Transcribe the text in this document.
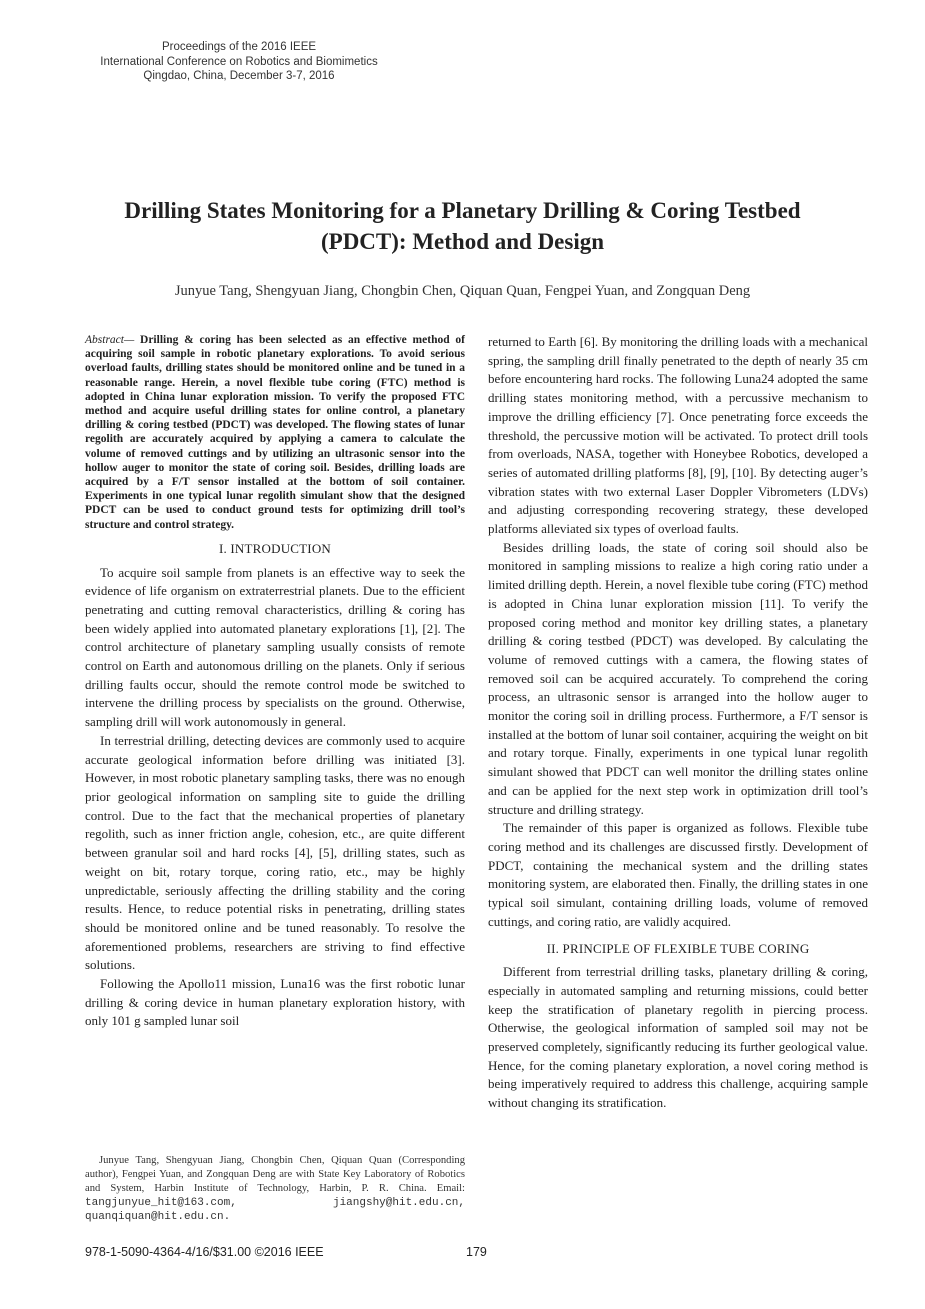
Proceedings of the 2016 IEEE
International Conference on Robotics and Biomimetics
Qingdao, China, December 3-7, 2016
Drilling States Monitoring for a Planetary Drilling & Coring Testbed
(PDCT): Method and Design
Junyue Tang, Shengyuan Jiang, Chongbin Chen, Qiquan Quan, Fengpei Yuan, and Zongquan Deng

Abstract— Drilling & coring has been selected as an effective method of acquiring soil sample in robotic planetary explorations. To avoid serious overload faults, drilling states should be monitored online and be tuned in a reasonable range. Herein, a novel flexible tube coring (FTC) method is adopted in China lunar exploration mission. To verify the proposed FTC method and acquire useful drilling states for online control, a planetary drilling & coring testbed (PDCT) was developed. The flowing states of lunar regolith are accurately acquired by applying a camera to calculate the volume of removed cuttings and by utilizing an ultrasonic sensor into the hollow auger to monitor the state of coring soil. Besides, drilling loads are acquired by a F/T sensor installed at the bottom of soil container. Experiments in one typical lunar regolith simulant show that the designed PDCT can be used to conduct ground tests for optimizing drill tool’s structure and control strategy.

I. INTRODUCTION

To acquire soil sample from planets is an effective way to seek the evidence of life organism on extraterrestrial planets. Due to the efficient penetrating and cutting removal characteristics, drilling & coring has been widely applied into automated planetary explorations [1], [2]. The control architecture of planetary sampling usually consists of remote control on Earth and autonomous drilling on the planets. Only if serious drilling faults occur, should the remote control mode be switched to intervene the drilling process by specialists on the ground. Otherwise, sampling drill will work autonomously in general.

In terrestrial drilling, detecting devices are commonly used to acquire accurate geological information before drilling was initiated [3]. However, in most robotic planetary sampling tasks, there was no enough prior geological information on sampling site to guide the drilling control. Due to the fact that the mechanical properties of planetary regolith, such as inner friction angle, cohesion, etc., are quite different between granular soil and hard rocks [4], [5], drilling states, such as weight on bit, rotary torque, coring ratio, etc., may be highly unpredictable, seriously affecting the drilling stability and the coring results. Hence, to reduce potential risks in penetrating, drilling states should be monitored online and be tuned reasonably. To resolve the aforementioned problems, researchers are striving to find effective solutions.

Following the Apollo11 mission, Luna16 was the first robotic lunar drilling & coring device in human planetary exploration history, with only 101 g sampled lunar soil

Junyue Tang, Shengyuan Jiang, Chongbin Chen, Qiquan Quan (Corresponding author), Fengpei Yuan, and Zongquan Deng are with State Key Laboratory of Robotics and System, Harbin Institute of Technology, Harbin, P. R. China. Email: tangjunyue_hit@163.com, jiangshy@hit.edu.cn, quanqiquan@hit.edu.cn.

returned to Earth [6]. By monitoring the drilling loads with a mechanical spring, the sampling drill finally penetrated to the depth of nearly 35 cm before encountering hard rocks. The following Luna24 adopted the same drilling states monitoring method, with a percussive mechanism to improve the drilling efficiency [7]. Once penetrating force exceeds the threshold, the percussive motion will be activated. To protect drill tools from overloads, NASA, together with Honeybee Robotics, developed a series of automated drilling platforms [8], [9], [10]. By detecting auger’s vibration states with two external Laser Doppler Vibrometers (LDVs) and adjusting corresponding recovering strategy, these developed platforms alleviated six types of overload faults.

Besides drilling loads, the state of coring soil should also be monitored in sampling missions to realize a high coring ratio under a limited drilling depth. Herein, a novel flexible tube coring (FTC) method is adopted in China lunar exploration mission [11]. To verify the proposed coring method and monitor key drilling states, a planetary drilling & coring testbed (PDCT) was developed. By calculating the volume of removed cuttings with a camera, the flowing states of removed soil can be acquired accurately. To comprehend the coring process, an ultrasonic sensor is arranged into the hollow auger to monitor the coring soil in drilling process. Furthermore, a F/T sensor is installed at the bottom of lunar soil container, acquiring the weight on bit and rotary torque. Finally, experiments in one typical lunar regolith simulant showed that PDCT can well monitor the drilling states online and can be applied for the next step work in optimization drill tool’s structure and drilling strategy.

The remainder of this paper is organized as follows. Flexible tube coring method and its challenges are discussed firstly. Development of PDCT, containing the mechanical system and the drilling states monitoring system, are elaborated then. Finally, the drilling states in one typical soil simulant, containing drilling loads, volume of removed cuttings, and coring ratio, are validly acquired.

II. PRINCIPLE OF FLEXIBLE TUBE CORING

Different from terrestrial drilling tasks, planetary drilling & coring, especially in automated sampling and returning missions, could better keep the stratification of planetary regolith in piercing process. Otherwise, the geological information of sampled soil may not be preserved completely, significantly reducing its further geological value. Hence, for the coming planetary exploration, a novel coring method is being imperatively required to address this challenge, acquiring sample without changing its stratification.

978-1-5090-4364-4/16/$31.00 ©2016 IEEE	179
